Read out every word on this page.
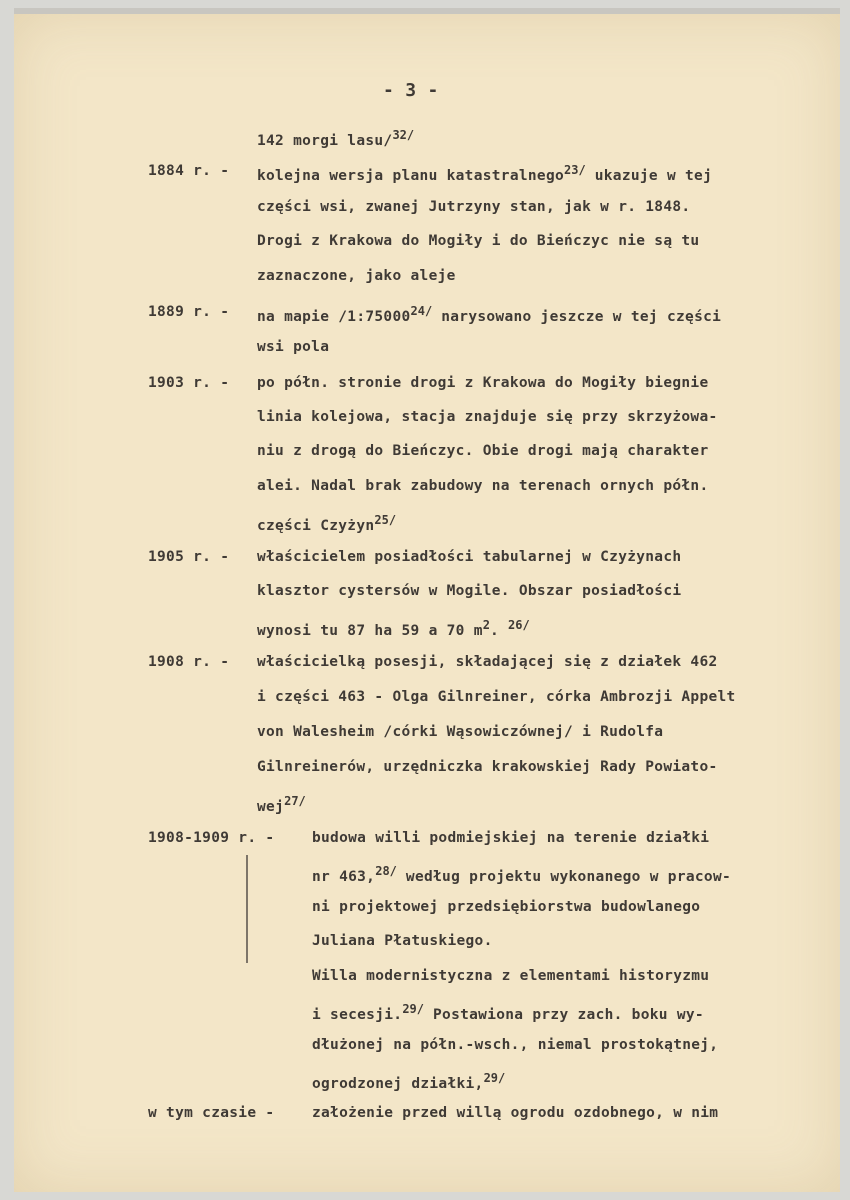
- 3 -
142 morgi lasu/$^{32/}$
1884 r. - kolejna wersja planu katastralnego$^{23/}$ ukazuje w tej
części wsi, zwanej Jutrzyny stan, jak w r. 1848.
Drogi z Krakowa do Mogiły i do Bieńczyc nie są tu
zaznaczone, jako aleje
1889 r. - na mapie $/1:75000^{24/}$ narysowano jeszcze w tej części
wsi pola
1903 r. - po półn. stronie drogi z Krakowa do Mogiły biegnie
linia kolejowa, stacja znajduje się przy skrzyżowa-
niu z drogą do Bieńczyc. Obie drogi mają charakter
alei. Nadal brak zabudowy na terenach ornych półn.
części Czyżyn$^{25/}$
1905 r. - właścicielem posiadłości tabularnej w Czyżynach
klasztor cystersów w Mogile. Obszar posiadłości
wynosi tu 87 ha 59 a 70 $m^2$. $^{26/}$
1908 r. - właścicielką posesji, składającej się z działek 462
i części 463 - Olga Gilnreiner, córka Ambrozji Appelt
von Walesheim /córki Wąsowiczównej/ i Rudolfa
Gilnreinerów, urzędniczka krakowskiej Rady Powiato-
wej$^{27/}$
1908-1909 r. -	budowa willi podmiejskiej na terenie działki
nr 463,$^{28/}$ według projektu wykonanego w pracow-
ni projektowej przedsiębiorstwa budowlanego
Juliana Płatuskiego.
Willa modernistyczna z elementami historyzmu
i secesji.$^{29/}$ Postawiona przy zach. boku wy-
dłużonej na półn.-wsch., niemal prostokątnej,
ogrodzonej działki,$^{29/}$
w tym czasie -	założenie przed willą ogrodu ozdobnego, w nim
